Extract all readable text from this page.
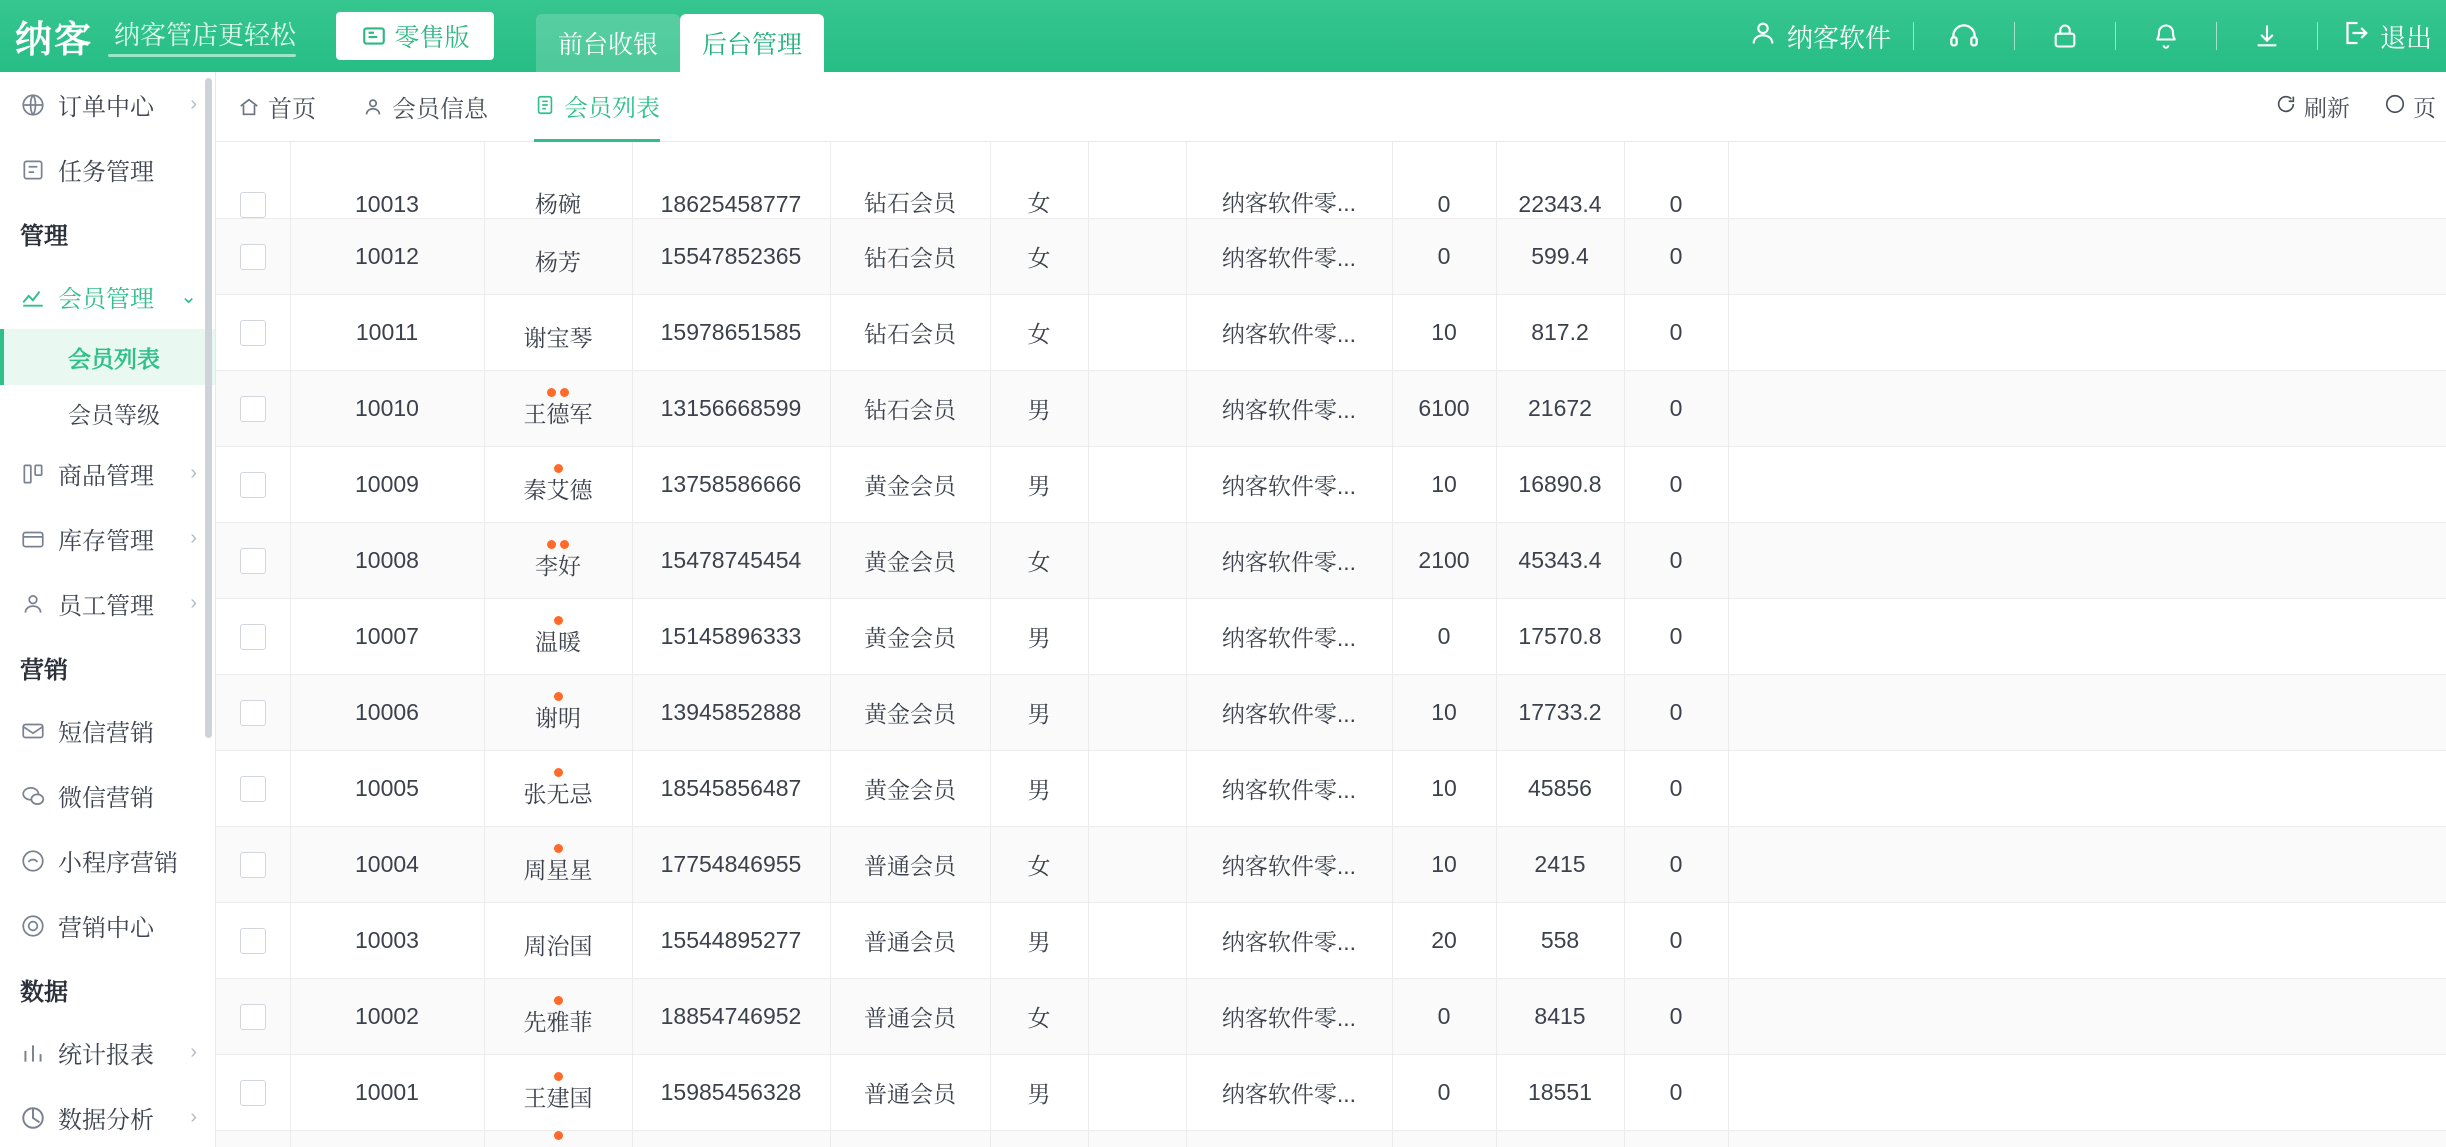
纳客 纳客管店更轻松	零售版	前台收银	后台管理	纳客软件	退出
订单中心 ›
任务管理
管理
会员管理 ⌄
会员列表
会员等级
商品管理 ›
库存管理 ›
员工管理 ›
营销
短信营销
微信营销
小程序营销
营销中心
数据
统计报表 ›
数据分析 ›
首页	会员信息	会员列表	刷新	页
	10013	杨碗	18625458777	钻石会员	女		纳客软件零...	0	22343.4	0	
	10012	杨芳	15547852365	钻石会员	女		纳客软件零...	0	599.4	0	
	10011	谢宝琴	15978651585	钻石会员	女		纳客软件零...	10	817.2	0	
	10010	王德军	13156668599	钻石会员	男		纳客软件零...	6100	21672	0	
	10009	秦艾德	13758586666	黄金会员	男		纳客软件零...	10	16890.8	0	
	10008	李好	15478745454	黄金会员	女		纳客软件零...	2100	45343.4	0	
	10007	温暖	15145896333	黄金会员	男		纳客软件零...	0	17570.8	0	
	10006	谢明	13945852888	黄金会员	男		纳客软件零...	10	17733.2	0	
	10005	张无忌	18545856487	黄金会员	男		纳客软件零...	10	45856	0	
	10004	周星星	17754846955	普通会员	女		纳客软件零...	10	2415	0	
	10003	周治国	15544895277	普通会员	男		纳客软件零...	20	558	0	
	10002	先雅菲	18854746952	普通会员	女		纳客软件零...	0	8415	0	
	10001	王建国	15985456328	普通会员	男		纳客软件零...	0	18551	0	
